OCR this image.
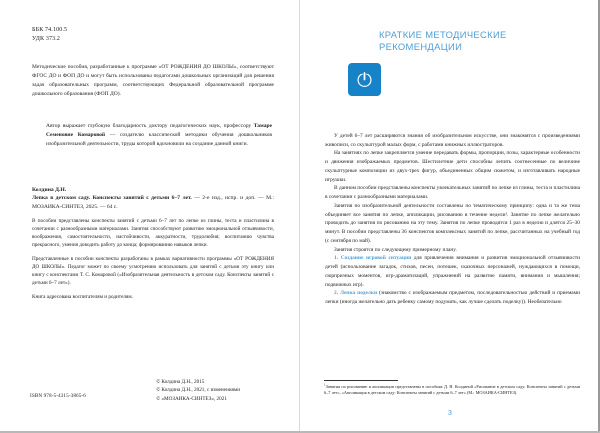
ББК 74.100.5
УДК 373.2
Методические пособия, разработанные к программе «ОТ РОЖДЕНИЯ ДО ШКОЛЫ», соответствуют ФГОС ДО и ФОП ДО и могут быть использованы педагогами дошкольных организаций для решения задач образовательных программ, соответствующих Федеральной образовательной программе дошкольного образования (ФОП ДО).
Автор выражает глубокую благодарность доктору педагогических наук, профессору Тамаре Семеновне Комаровой — создателю классической методики обучения дошкольников изобразительной деятельности, труды которой вдохновили на создание данной книги.
Колдина Д.Н.
Лепка в детском саду. Конспекты занятий с детьми 6–7 лет. — 2-е изд., испр. и доп. — М.: МОЗАИКА-СИНТЕЗ, 2025. — 64 с.

В пособии представлены конспекты занятий с детьми 6–7 лет по лепке из глины, теста и пластилина в сочетании с разнообразными материалами. Занятия способствуют развитию эмоциональной отзывчивости, воображения, самостоятельности, настойчивости, аккуратности, трудолюбия; воспитанию чувства прекрасного, умения доводить работу до конца; формированию навыков лепки.

Представленные в пособии конспекты разработаны в рамках вариативности программы «ОТ РОЖДЕНИЯ ДО ШКОЛЫ». Педагог может по своему усмотрению использовать для занятий с детьми эту книгу или книгу с конспектами Т. С. Комаровой («Изобразительная деятельность в детском саду. Конспекты занятий с детьми 6–7 лет»).

Книга адресована воспитателям и родителям.

ISBN 978-5-4315-3865-6
© Колдина Д.Н., 2015
© Колдина Д.Н., 2021, с изменениями
© «МОЗАИКА-СИНТЕЗ», 2021
КРАТКИЕ МЕТОДИЧЕСКИЕ РЕКОМЕНДАЦИИ

У детей 6–7 лет расширяются знания об изобразительном искусстве, они знакомятся с произведениями живописи, со скульптурой малых форм, с работами книжных иллюстраторов.

На занятиях по лепке закрепляется умение передавать формы, пропорции, позы, характерные особенности и движения изображаемых предметов. Шестилетние дети способны лепить соотнесенные по величине скульптурные композиции из двух-трех фигур, объединенных общим сюжетом, и изготавливать народные игрушки.

В данном пособии представлены конспекты увлекательных занятий по лепке из глины, теста и пластилина в сочетании с разнообразными материалами.

Занятия по изобразительной деятельности составлены по тематическому принципу: одна и та же тема объединяет все занятия по лепке, аппликации, рисованию в течение недели¹. Занятие по лепке желательно проводить до занятия по рисованию на эту тему. Занятия по лепке проводятся 1 раз в неделю и длятся 25–30 минут. В пособии представлены 36 конспектов комплексных занятий по лепке, рассчитанных на учебный год (с сентября по май).

Занятия строятся по следующему примерному плану.

1. Создание игровой ситуации для привлечения внимания и развития эмоциональной отзывчивости детей (использование загадок, стихов, песен, потешек, сказочных персонажей, нуждающихся в помощи, сюрпризных моментов, игр-драматизаций, упражнений на развитие памяти, внимания и мышления; подвижных игр).

2. Лепка поделки (знакомство с изображаемым предметом, последовательностью действий и приемами лепки (иногда желательно дать ребенку самому подумать, как лучше сделать поделку)). Необязательно

$^1$Занятия по рисованию и аппликации представлены в пособиях Д. Н. Колдиной «Рисование в детском саду: Конспекты занятий с детьми 6–7 лет», «Аппликация в детском саду: Конспекты занятий с детьми 6–7 лет» (М.: МОЗАИКА-СИНТЕЗ).
3
